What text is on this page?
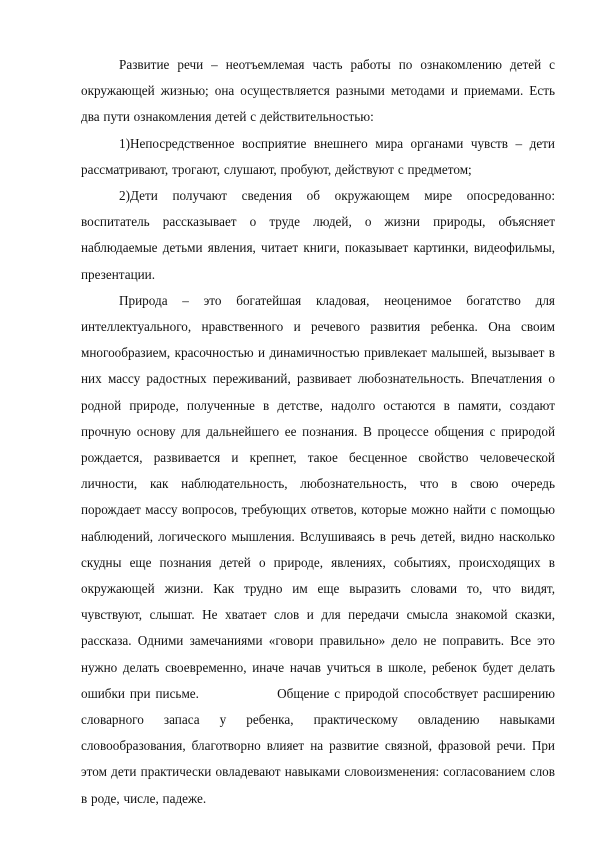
Развитие речи – неотъемлемая часть работы по ознакомлению детей с окружающей жизнью; она осуществляется разными методами и приемами. Есть два пути ознакомления детей с действительностью:

1)Непосредственное восприятие внешнего мира органами чувств – дети рассматривают, трогают, слушают, пробуют, действуют с предметом;

2)Дети получают сведения об окружающем мире опосредованно: воспитатель рассказывает о труде людей, о жизни природы, объясняет наблюдаемые детьми явления, читает книги, показывает картинки, видеофильмы, презентации.

Природа – это богатейшая кладовая, неоценимое богатство для интеллектуального, нравственного и речевого развития ребенка. Она своим многообразием, красочностью и динамичностью привлекает малышей, вызывает в них массу радостных переживаний, развивает любознательность. Впечатления о родной природе, полученные в детстве, надолго остаются в памяти, создают прочную основу для дальнейшего ее познания. В процессе общения с природой рождается, развивается и крепнет, такое бесценное свойство человеческой личности, как наблюдательность, любознательность, что в свою очередь порождает массу вопросов, требующих ответов, которые можно найти с помощью наблюдений, логического мышления. Вслушиваясь в речь детей, видно насколько скудны еще познания детей о природе, явлениях, событиях, происходящих в окружающей жизни. Как трудно им еще выразить словами то, что видят, чувствуют, слышат. Не хватает слов и для передачи смысла знакомой сказки, рассказа. Одними замечаниями «говори правильно» дело не поправить. Все это нужно делать своевременно, иначе начав учиться в школе, ребенок будет делать ошибки при письме.                Общение с природой способствует расширению словарного запаса у ребенка, практическому овладению навыками словообразования, благотворно влияет на развитие связной, фразовой речи. При этом дети практически овладевают навыками словоизменения: согласованием слов в роде, числе, падеже.
